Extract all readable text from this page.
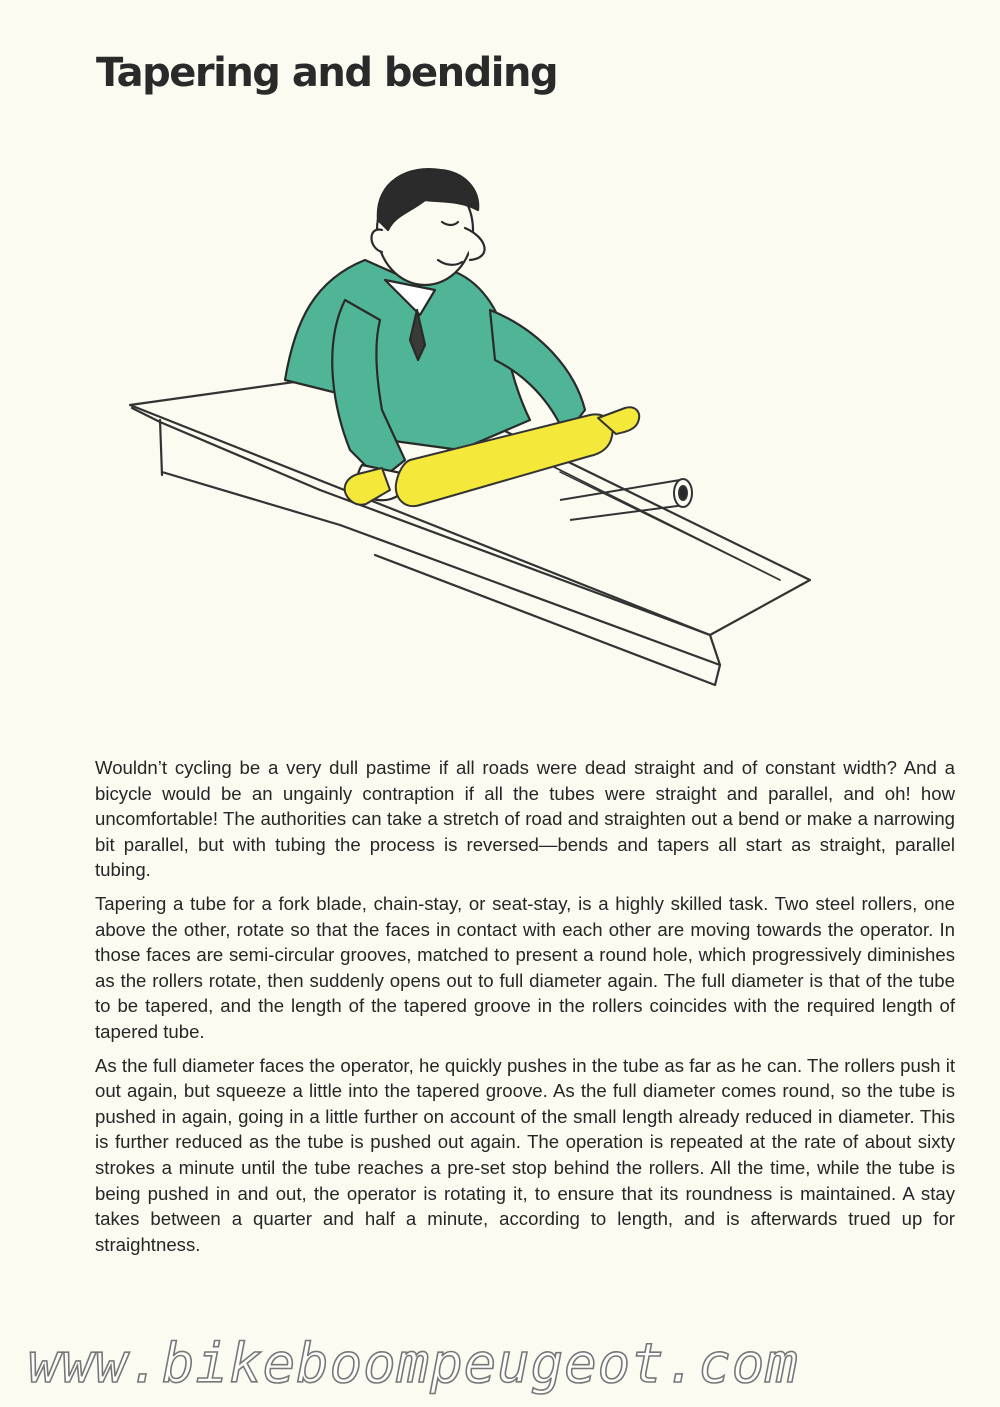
Tapering and bending

Wouldn’t cycling be a very dull pastime if all roads were dead straight and of constant width? And a bicycle would be an ungainly contraption if all the tubes were straight and parallel, and oh! how uncomfortable! The authorities can take a stretch of road and straighten out a bend or make a narrowing bit parallel, but with tubing the process is reversed—bends and tapers all start as straight, parallel tubing.

Tapering a tube for a fork blade, chain-stay, or seat-stay, is a highly skilled task. Two steel rollers, one above the other, rotate so that the faces in contact with each other are moving towards the operator. In those faces are semi-circular grooves, matched to present a round hole, which progressively diminishes as the rollers rotate, then suddenly opens out to full diameter again. The full diameter is that of the tube to be tapered, and the length of the tapered groove in the rollers coincides with the required length of tapered tube.

As the full diameter faces the operator, he quickly pushes in the tube as far as he can. The rollers push it out again, but squeeze a little into the tapered groove. As the full diameter comes round, so the tube is pushed in again, going in a little further on account of the small length already reduced in diameter. This is further reduced as the tube is pushed out again. The operation is repeated at the rate of about sixty strokes a minute until the tube reaches a pre-set stop behind the rollers. All the time, while the tube is being pushed in and out, the operator is rotating it, to ensure that its roundness is maintained. A stay takes between a quarter and half a minute, according to length, and is afterwards trued up for straightness.

www.bikeboompeugeot.com
